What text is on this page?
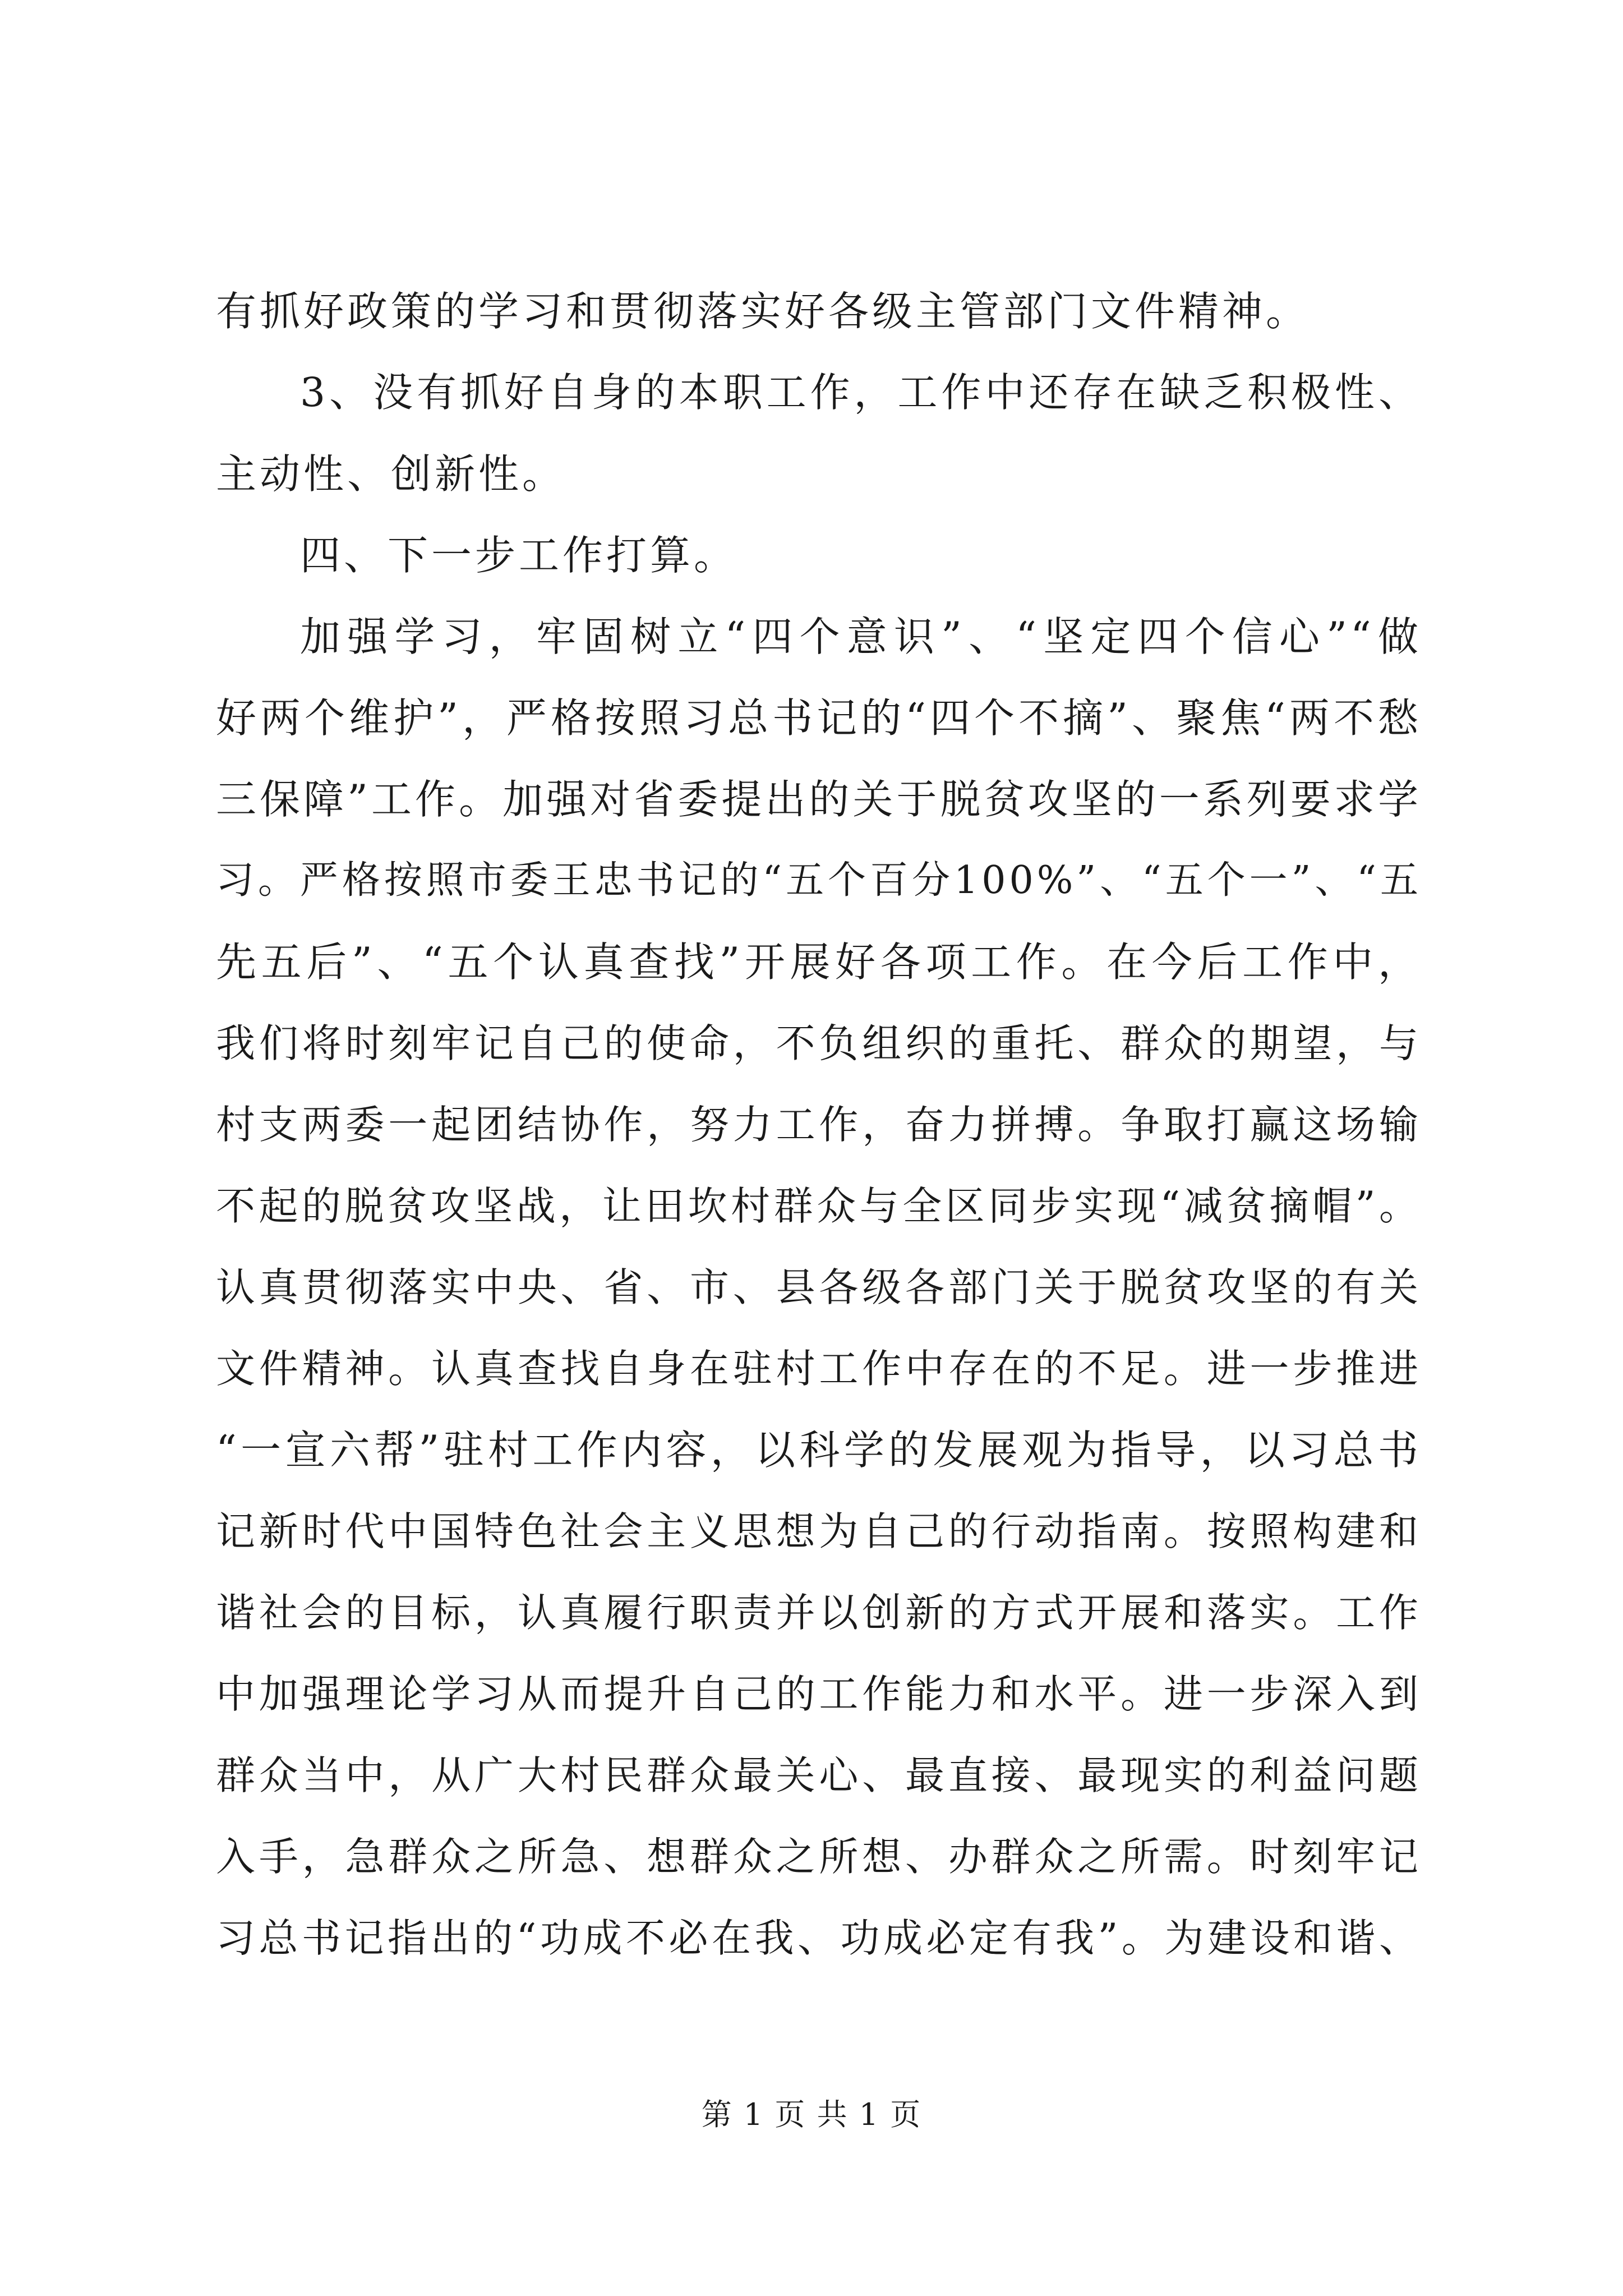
有抓好政策的学习和贯彻落实好各级主管部门文件精神。
3、没有抓好自身的本职工作，工作中还存在缺乏积极性、
主动性、创新性。
四、下一步工作打算。
加强学习，牢固树立“四个意识”、“坚定四个信心”“做
好两个维护”，严格按照习总书记的“四个不摘”、聚焦“两不愁
三保障”工作。加强对省委提出的关于脱贫攻坚的一系列要求学
习。严格按照市委王忠书记的“五个百分100%”、“五个一”、“五
先五后”、“五个认真查找”开展好各项工作。在今后工作中，
我们将时刻牢记自己的使命，不负组织的重托、群众的期望，与
村支两委一起团结协作，努力工作，奋力拼搏。争取打赢这场输
不起的脱贫攻坚战，让田坎村群众与全区同步实现“减贫摘帽”。
认真贯彻落实中央、省、市、县各级各部门关于脱贫攻坚的有关
文件精神。认真查找自身在驻村工作中存在的不足。进一步推进
“一宣六帮”驻村工作内容，以科学的发展观为指导，以习总书
记新时代中国特色社会主义思想为自己的行动指南。按照构建和
谐社会的目标，认真履行职责并以创新的方式开展和落实。工作
中加强理论学习从而提升自己的工作能力和水平。进一步深入到
群众当中，从广大村民群众最关心、最直接、最现实的利益问题
入手，急群众之所急、想群众之所想、办群众之所需。时刻牢记
习总书记指出的“功成不必在我、功成必定有我”。为建设和谐、
第 1 页 共 1 页
